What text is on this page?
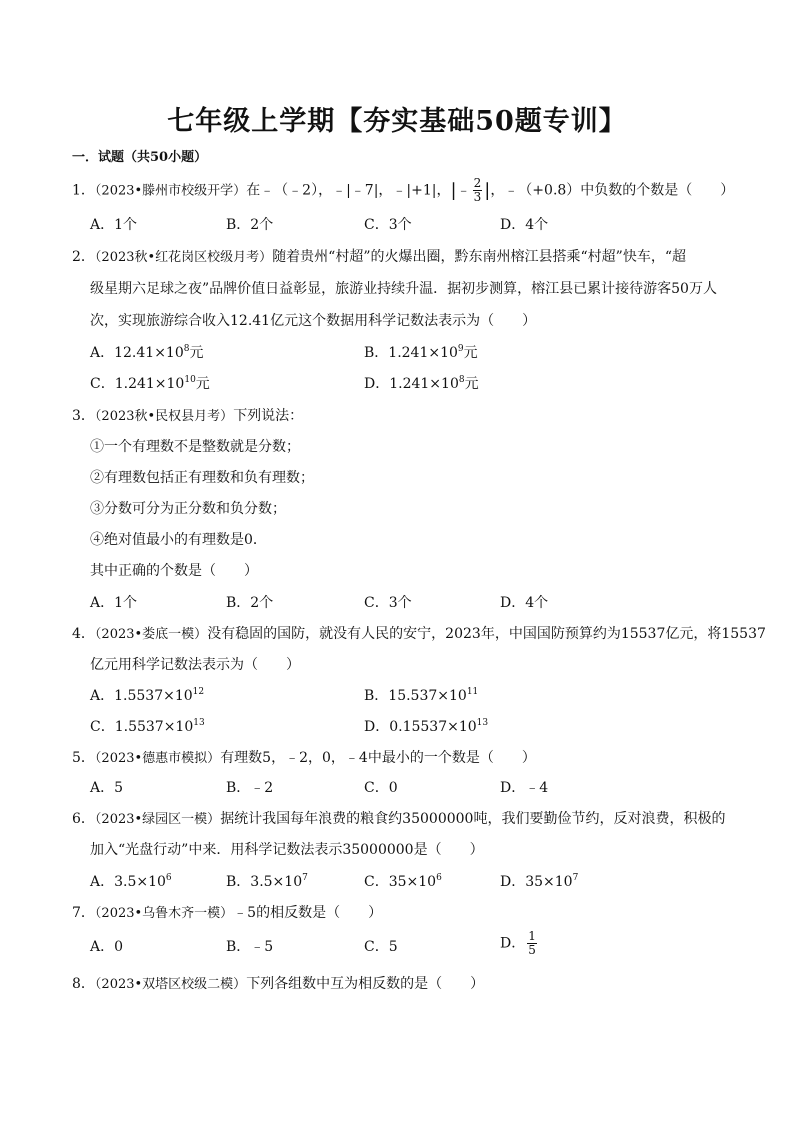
七年级上学期【夯实基础50题专训】
一．试题（共50小题）
1．（2023•滕州市校级开学）在﹣（﹣2），﹣|﹣7|，﹣|+1|，|﹣ $\frac{2}{3}$ |，﹣（+0.8）中负数的个数是（　　）
A．1个	B．2个	C．3个	D．4个
2．（2023秋•红花岗区校级月考）随着贵州“村超”的火爆出圈，黔东南州榕江县搭乘“村超”快车，“超
级星期六足球之夜”品牌价值日益彰显，旅游业持续升温．据初步测算，榕江县已累计接待游客50万人
次，实现旅游综合收入12.41亿元这个数据用科学记数法表示为（　　）
A．$12.41\times 10^8$元	B．$1.241\times 10^9$元
C．$1.241\times 10^{10}$元	D．$1.241\times 10^8$元
3．（2023秋•民权县月考）下列说法：
①一个有理数不是整数就是分数；
②有理数包括正有理数和负有理数；
③分数可分为正分数和负分数；
④绝对值最小的有理数是0．
其中正确的个数是（　　）
A．1个	B．2个	C．3个	D．4个
4．（2023•娄底一模）没有稳固的国防，就没有人民的安宁，2023年，中国国防预算约为15537亿元，将15537
亿元用科学记数法表示为（　　）
A．$1.5537\times 10^{12}$	B．$15.537\times 10^{11}$
C．$1.5537\times 10^{13}$	D．$0.15537\times 10^{13}$
5．（2023•德惠市模拟）有理数5，﹣2，0，﹣4中最小的一个数是（　　）
A．5	B．﹣2	C．0	D．﹣4
6．（2023•绿园区一模）据统计我国每年浪费的粮食约35000000吨，我们要勤俭节约，反对浪费，积极的
加入“光盘行动”中来．用科学记数法表示35000000是（　　）
A．$3.5\times 10^6$	B．$3.5\times 10^7$	C．$35\times 10^6$	D．$35\times 10^7$
7．（2023•乌鲁木齐一模）﹣5的相反数是（　　）
A．0	B．﹣5	C．5	D． $\frac{1}{5}$
8．（2023•双塔区校级二模）下列各组数中互为相反数的是（　　）
